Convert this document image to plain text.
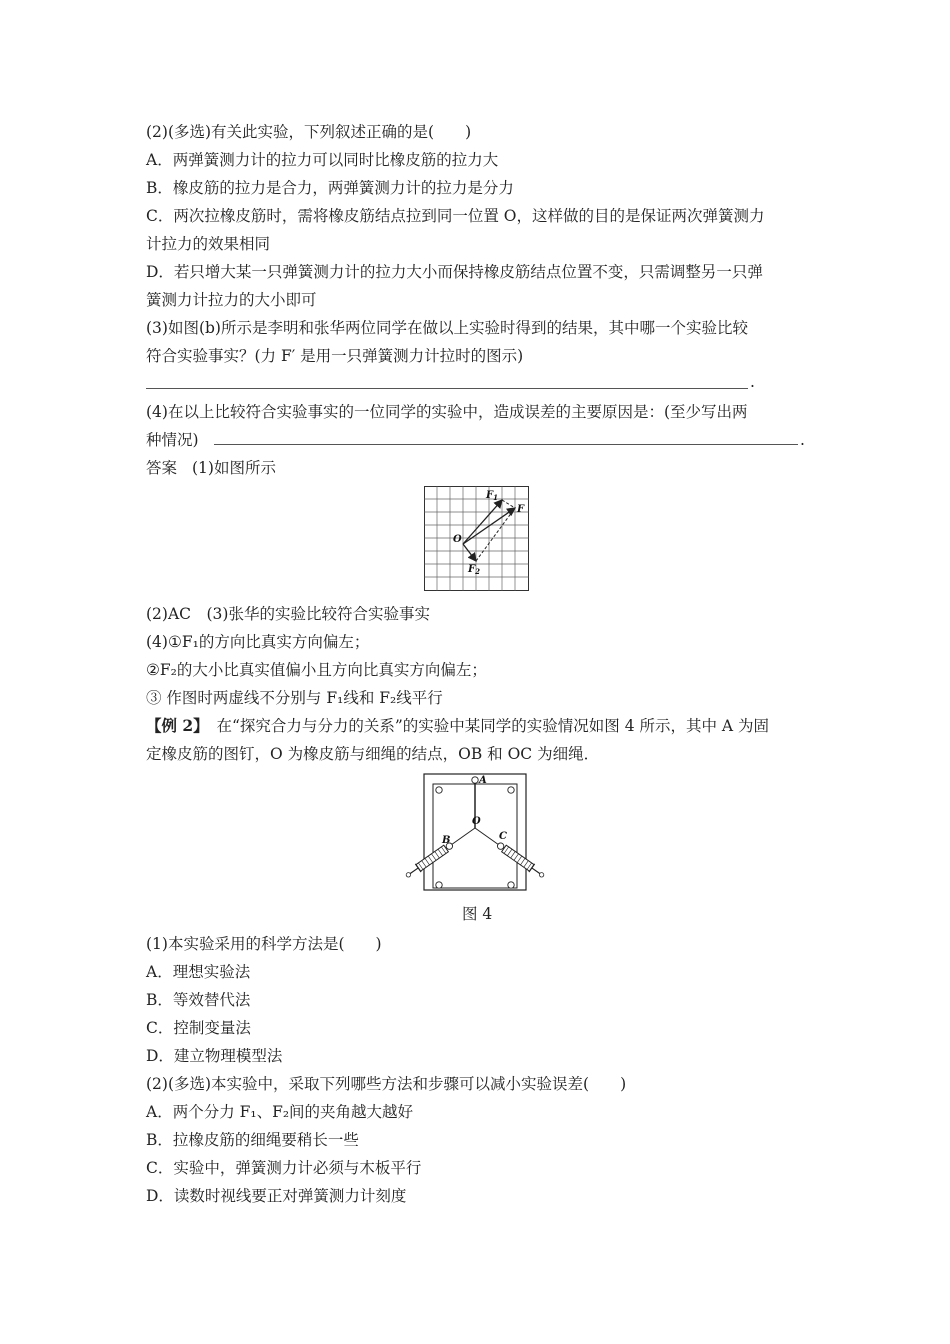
(2)(多选)有关此实验，下列叙述正确的是(　　)
A．两弹簧测力计的拉力可以同时比橡皮筋的拉力大
B．橡皮筋的拉力是合力，两弹簧测力计的拉力是分力
C．两次拉橡皮筋时，需将橡皮筋结点拉到同一位置 O，这样做的目的是保证两次弹簧测力
计拉力的效果相同
D．若只增大某一只弹簧测力计的拉力大小而保持橡皮筋结点位置不变，只需调整另一只弹
簧测力计拉力的大小即可
(3)如图(b)所示是李明和张华两位同学在做以上实验时得到的结果，其中哪一个实验比较
符合实验事实？(力 F′ 是用一只弹簧测力计拉时的图示)
.
(4)在以上比较符合实验事实的一位同学的实验中，造成误差的主要原因是：(至少写出两
种情况)	.
答案 (1)如图所示
$F_1$
F
O
$F_2$
(2)AC　(3)张华的实验比较符合实验事实
(4)①F₁的方向比真实方向偏左；
②F₂的大小比真实值偏小且方向比真实方向偏左；
③ 作图时两虚线不分别与 F₁线和 F₂线平行
【例 2】　在“探究合力与分力的关系”的实验中某同学的实验情况如图 4 所示，其中 A 为固
定橡皮筋的图钉，O 为橡皮筋与细绳的结点，OB 和 OC 为细绳．
A
O
B	C
图 4
(1)本实验采用的科学方法是(　　)
A．理想实验法
B．等效替代法
C．控制变量法
D．建立物理模型法
(2)(多选)本实验中，采取下列哪些方法和步骤可以减小实验误差(　　)
A．两个分力 F₁、F₂间的夹角越大越好
B．拉橡皮筋的细绳要稍长一些
C．实验中，弹簧测力计必须与木板平行
D．读数时视线要正对弹簧测力计刻度
